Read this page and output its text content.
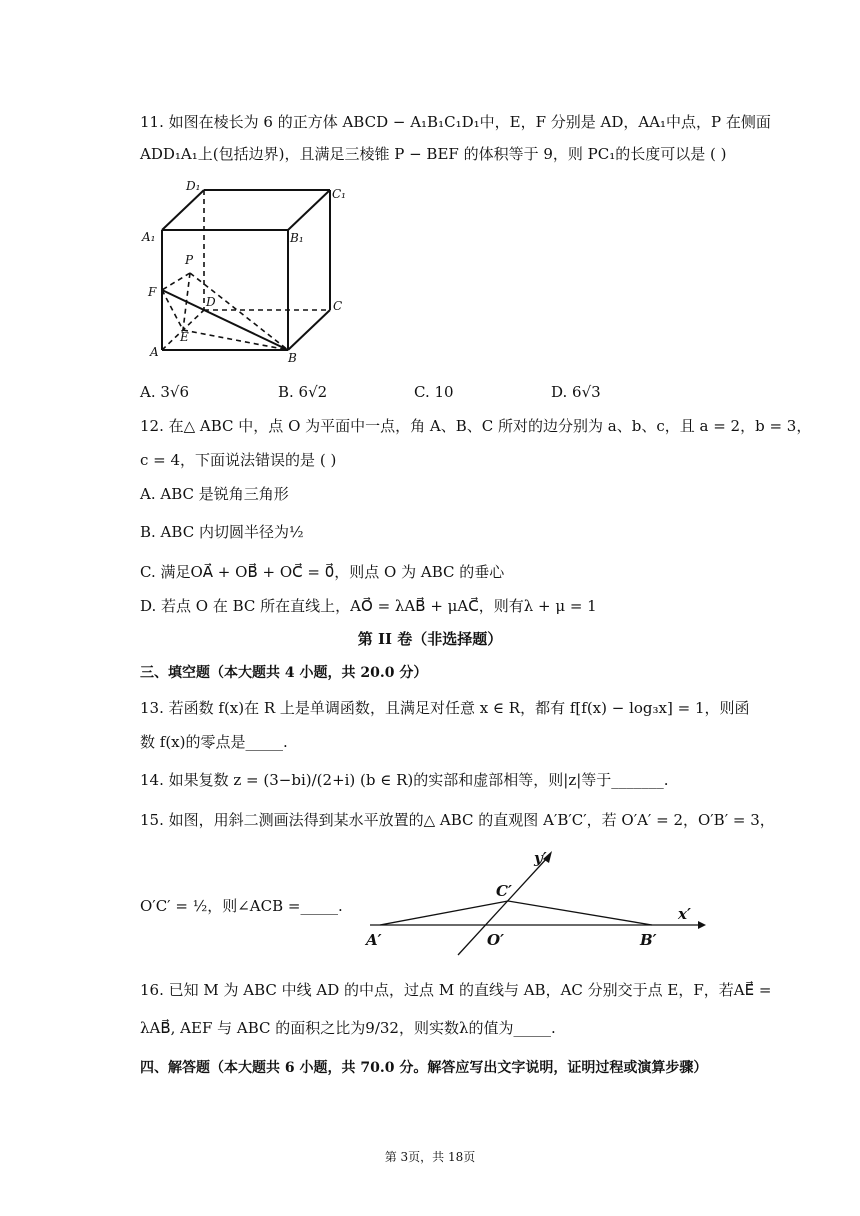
11. 如图在棱长为 6 的正方体 ABCD − A₁B₁C₁D₁中，E，F 分别是 AD，AA₁中点，P 在侧面
ADD₁A₁上(包括边界)，且满足三棱锥 P − BEF 的体积等于 9，则 PC₁的长度可以是 ( )
D₁
C₁
A₁	B₁
P
F
D	C
E
A	B
A. 3√6	B. 6√2	C. 10	D. 6√3
12. 在△ ABC 中，点 O 为平面中一点，角 A、B、C 所对的边分别为 a、b、c，且 a = 2，b = 3，
c = 4，下面说法错误的是 ( )
A. ABC 是锐角三角形
B. ABC 内切圆半径为½
C. 满足OA⃗ + OB⃗ + OC⃗ = 0⃗，则点 O 为 ABC 的垂心
D. 若点 O 在 BC 所在直线上，AO⃗ = λAB⃗ + μAC⃗，则有λ + μ = 1
第 II 卷（非选择题）
三、填空题（本大题共 4 小题，共 20.0 分）
13. 若函数 f(x)在 R 上是单调函数，且满足对任意 x ∈ R，都有 f[f(x) − log₃x] = 1，则函
数 f(x)的零点是_____.
14. 如果复数 z = (3−bi)/(2+i) (b ∈ R)的实部和虚部相等，则|z|等于_______.
15. 如图，用斜二测画法得到某水平放置的△ ABC 的直观图 A′B′C′，若 O′A′ = 2，O′B′ = 3，
O′C′ = ½，则∠ACB =_____.
y′
x′
C′
A′	O′	B′
16. 已知 M 为 ABC 中线 AD 的中点，过点 M 的直线与 AB，AC 分别交于点 E，F，若AE⃗ =
λAB⃗, AEF 与 ABC 的面积之比为9/32，则实数λ的值为_____.
四、解答题（本大题共 6 小题，共 70.0 分。解答应写出文字说明，证明过程或演算步骤）
第 3页，共 18页
